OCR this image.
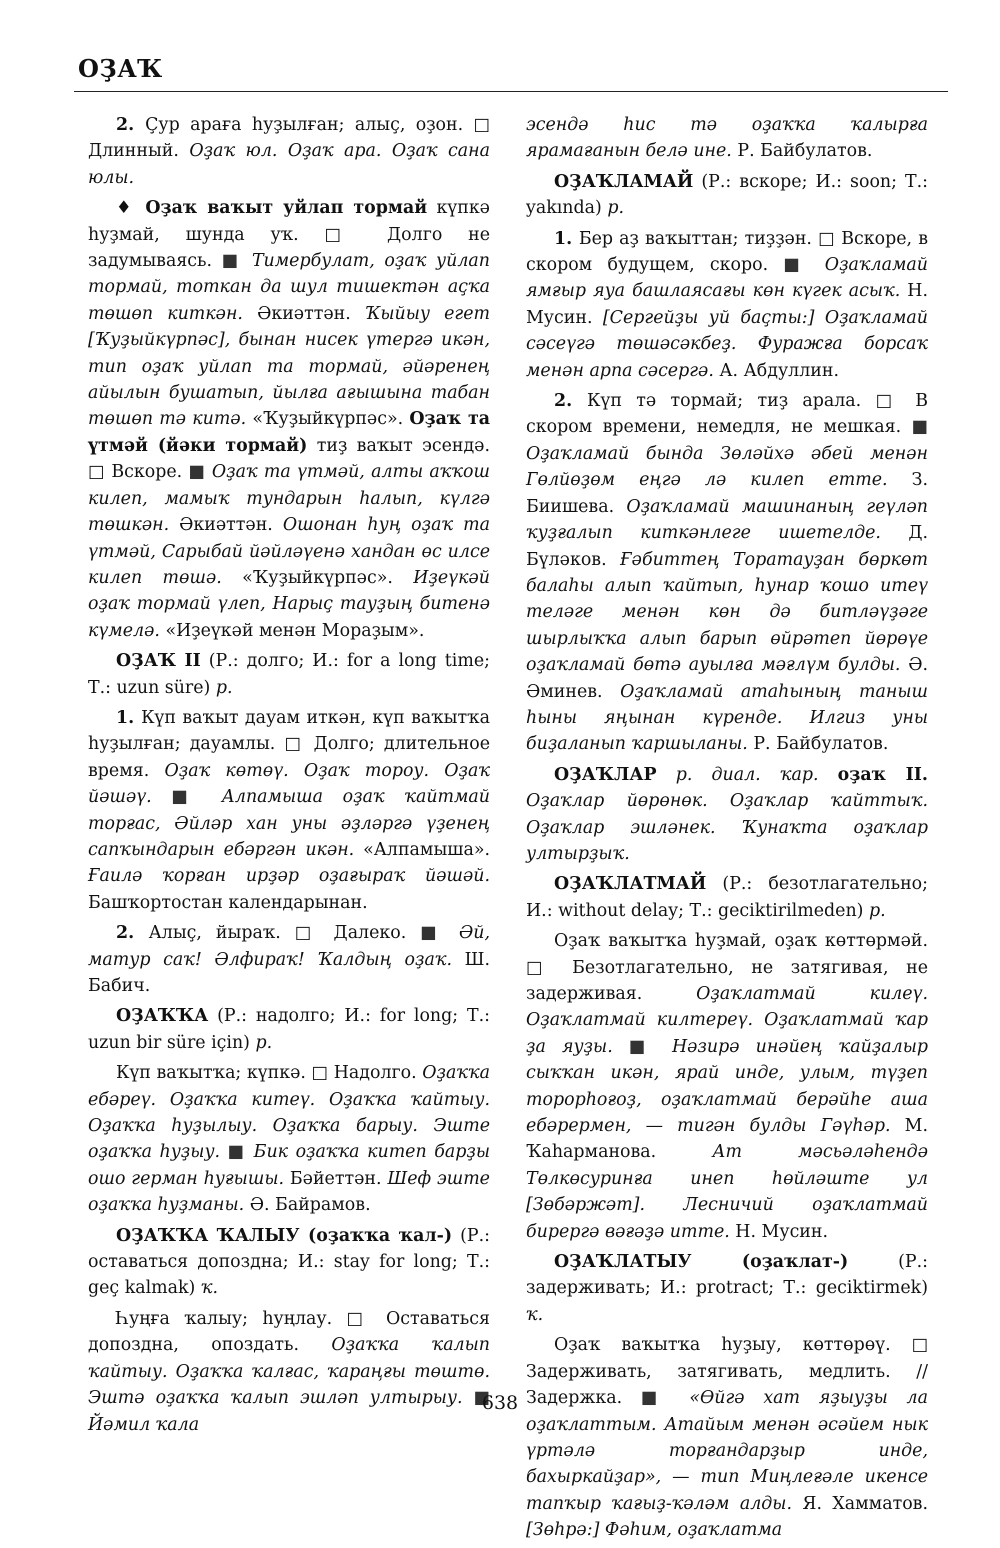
ОҘАҠ

2. Ҫур араға һуҙылған; алыҫ, оҙон. □ Длинный. Оҙаҡ юл. Оҙаҡ ара. Оҙаҡ сана юлы.

♦ Оҙаҡ ваҡыт уйлап тормай күпкә һуҙмай, шунда уҡ. □ Долго не задумываясь. ■ Тимербулат, оҙаҡ уйлап тормай, тоткан да шул тишектән аҫҡа төшөп киткән. Әкиәттән. Ҡыйыу егет [Ҡуҙыйкүрпәс], бынан нисек үтергә икән, тип оҙаҡ уйлап та тормай, әйәренең айылын бушатып, йылға ағышына табан төшөп тә китә. «Ҡуҙыйкүрпәс». Оҙаҡ та үтмәй (йәки тормай) тиҙ ваҡыт эсендә. □ Вскоре. ■ Оҙаҡ та үтмәй, алты аҡҡош килеп, мамыҡ тундарын һалып, күлгә төшкән. Әкиәттән. Ошонан һуң оҙаҡ та үтмәй, Сарыбай йәйләүенә хандан өс илсе килеп төшә. «Ҡуҙыйкүрпәс». Иҙеүкәй оҙаҡ тормай үлеп, Нарыҫ тауҙың битенә күмелә. «Иҙеүкәй менән Мораҙым».

ОҘАҠ II (Р.: долго; И.: for a long time; Т.: uzun süre) р.

1. Күп ваҡыт дауам иткән, күп ваҡытҡа һуҙылған; дауамлы. □ Долго; длительное время. Оҙаҡ көтөү. Оҙаҡ тороу. Оҙаҡ йәшәү. ■ Алпамыша оҙаҡ ҡайтмай торғас, Әйләр хан уны әҙләргә үҙенең сапҡындарын ебәргән икән. «Алпамыша». Ғаилә ҡорған ирҙәр оҙағыраҡ йәшәй. Башҡортостан календарынан.

2. Алыҫ, йыраҡ. □ Далеко. ■ Әй, матур саҡ! Әлфираҡ! Ҡалдың оҙаҡ. Ш. Бабич.

ОҘАҠҠА (Р.: надолго; И.: for long; Т.: uzun bir süre için) р.

Күп ваҡытҡа; күпкә. □ Надолго. Оҙаҡҡа ебәреү. Оҙаҡҡа китеү. Оҙаҡҡа ҡайтыу. Оҙаҡҡа һуҙылыу. Оҙаҡҡа барыу. Эште оҙаҡҡа һуҙыу. ■ Бик оҙаҡҡа китеп барҙы ошо герман һуғышы. Бәйеттән. Шеф эште оҙаҡҡа һуҙманы. Ә. Байрамов.

ОҘАҠҠА ҠАЛЫУ (оҙаҡҡа ҡал-) (Р.: оставаться допоздна; И.: stay for long; Т.: geç kalmak) ҡ.

Һуңға ҡалыу; һуңлау. □ Оставаться допоздна, опоздать. Оҙаҡҡа ҡалып ҡайтыу. Оҙаҡҡа ҡалғас, ҡараңғы төштө. Эштә оҙаҡҡа ҡалып эшләп ултырыу. ■ Йәмил ҡала

эсендә һис тә оҙаҡҡа ҡалырға ярамағанын белә ине. Р. Байбулатов.

ОҘАҠЛАМАЙ (Р.: вскоре; И.: soon; Т.: yakında) р.

1. Бер аҙ ваҡыттан; тиҙҙән. □ Вскоре, в скором будущем, скоро. ■ Оҙаҡламай ямғыр яуа башлаясағы көн күгек асыҡ. Н. Мусин. [Сергейҙы уй баҫты:] Оҙаҡламай сәсеүгә төшәсәкбеҙ. Фуражға борсаҡ менән арпа сәсергә. А. Абдуллин.

2. Күп тә тормай; тиҙ арала. □ В скором времени, немедля, не мешкая. ■ Оҙаҡламай бында Зөләйхә әбей менән Гөлйөҙөм еңгә лә килеп етте. З. Биишева. Оҙаҡламай машинаның геүләп ҡуҙғалып киткәнлеге ишетелде. Д. Бүләков. Ғәбиттең Торатауҙан бөркөт балаһы алып ҡайтып, һунар ҡошо итеү теләге менән көн дә битләүҙәге шырлыҡҡа алып барып өйрәтеп йөрөүе оҙаҡламай бөтә ауылға мәғлүм булды. Ә. Әминев. Оҙаҡламай атаһының таныш һыны яңынан күренде. Илгиз уны биҙаланып ҡаршыланы. Р. Байбулатов.

ОҘАҠЛАР р. диал. ҡар. оҙаҡ II. Оҙаҡлар йөрөнөк. Оҙаҡлар ҡайттыҡ. Оҙаҡлар эшләнек. Ҡунаҡта оҙаҡлар ултырҙыҡ.

ОҘАҠЛАТМАЙ (Р.: безотлагательно; И.: without delay; Т.: geciktirilmeden) р.

Оҙаҡ ваҡытҡа һуҙмай, оҙаҡ көттөрмәй. □ Безотлагательно, не затягивая, не задерживая. Оҙаҡлатмай килеү. Оҙаҡлатмай килтереү. Оҙаҡлатмай ҡар ҙа яуҙы. ■ Нәзирә инәйең ҡайҙалыр сыҡҡан икән, ярай инде, улым, түҙеп торорһоғоҙ, оҙаҡлатмай берәйһе аша ебәрермен, — тигән булды Гәүһәр. М. Ҡаһарманова. Ат мәсьәләһендә Төлкөсуринға инеп һөйләште ул [Зөбәржәт]. Лесничий оҙаҡлатмай бирергә вәғәҙә итте. Н. Мусин.

ОҘАҠЛАТЫУ (оҙаҡлат-) (Р.: задерживать; И.: protract; Т.: geciktirmek) ҡ.

Оҙаҡ ваҡытҡа һуҙыу, көттөрөү. □ Задерживать, затягивать, медлить. // Задержка. ■ «Өйгә хат яҙыуҙы ла оҙаҡлаттым. Атайым менән әсәйем нык үртәлә торғандарҙыр инде, бахыркайҙар», — тип Миңлеғәле икенсе тапҡыр ҡағыҙ-ҡәләм алды. Я. Хамматов. [Зөһрә:] Фәһим, оҙаҡлатма

638
